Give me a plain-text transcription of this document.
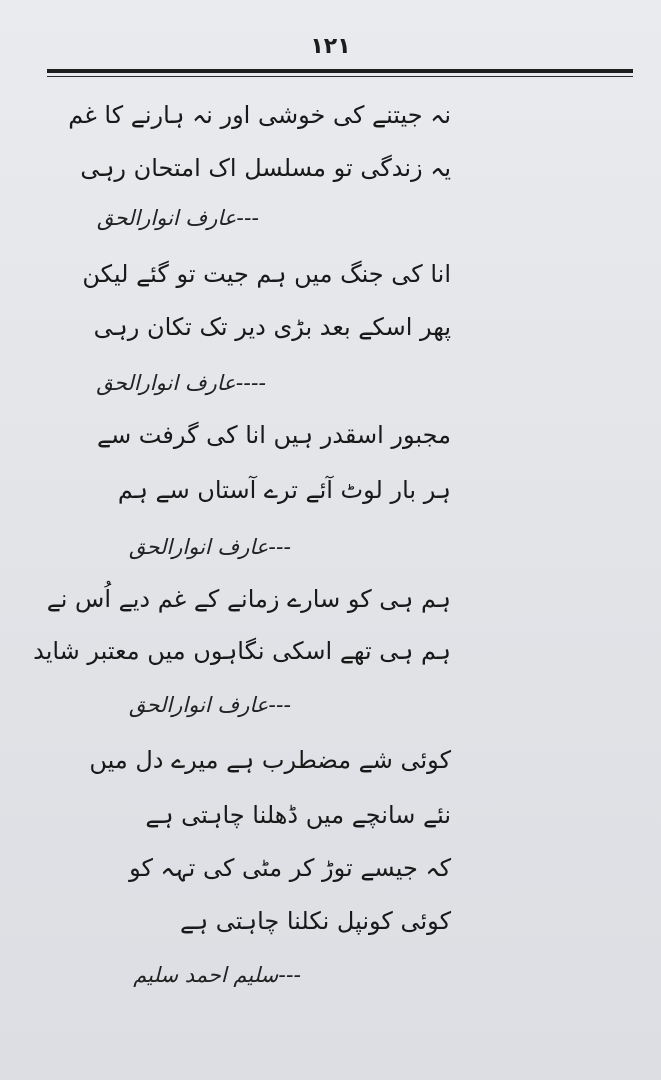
۱۲۱
نہ جیتنے کی خوشی اور نہ ہارنے کا غم
یہ زندگی تو مسلسل اک امتحان رہی
---عارف انوارالحق
انا کی جنگ میں ہم جیت تو گئے لیکن
پھر اسکے بعد بڑی دیر تک تکان رہی
----عارف انوارالحق
مجبور اسقدر ہیں انا کی گرفت سے
ہر بار لوٹ آئے ترے آستاں سے ہم
---عارف انوارالحق
ہم ہی کو سارے زمانے کے غم دیے اُس نے
ہم ہی تھے اسکی نگاہوں میں معتبر شاید
---عارف انوارالحق
کوئی شے مضطرب ہے میرے دل میں
نئے سانچے میں ڈھلنا چاہتی ہے
کہ جیسے توڑ کر مٹی کی تہہ کو
کوئی کونپل نکلنا چاہتی ہے
---سلیم احمد سلیم
